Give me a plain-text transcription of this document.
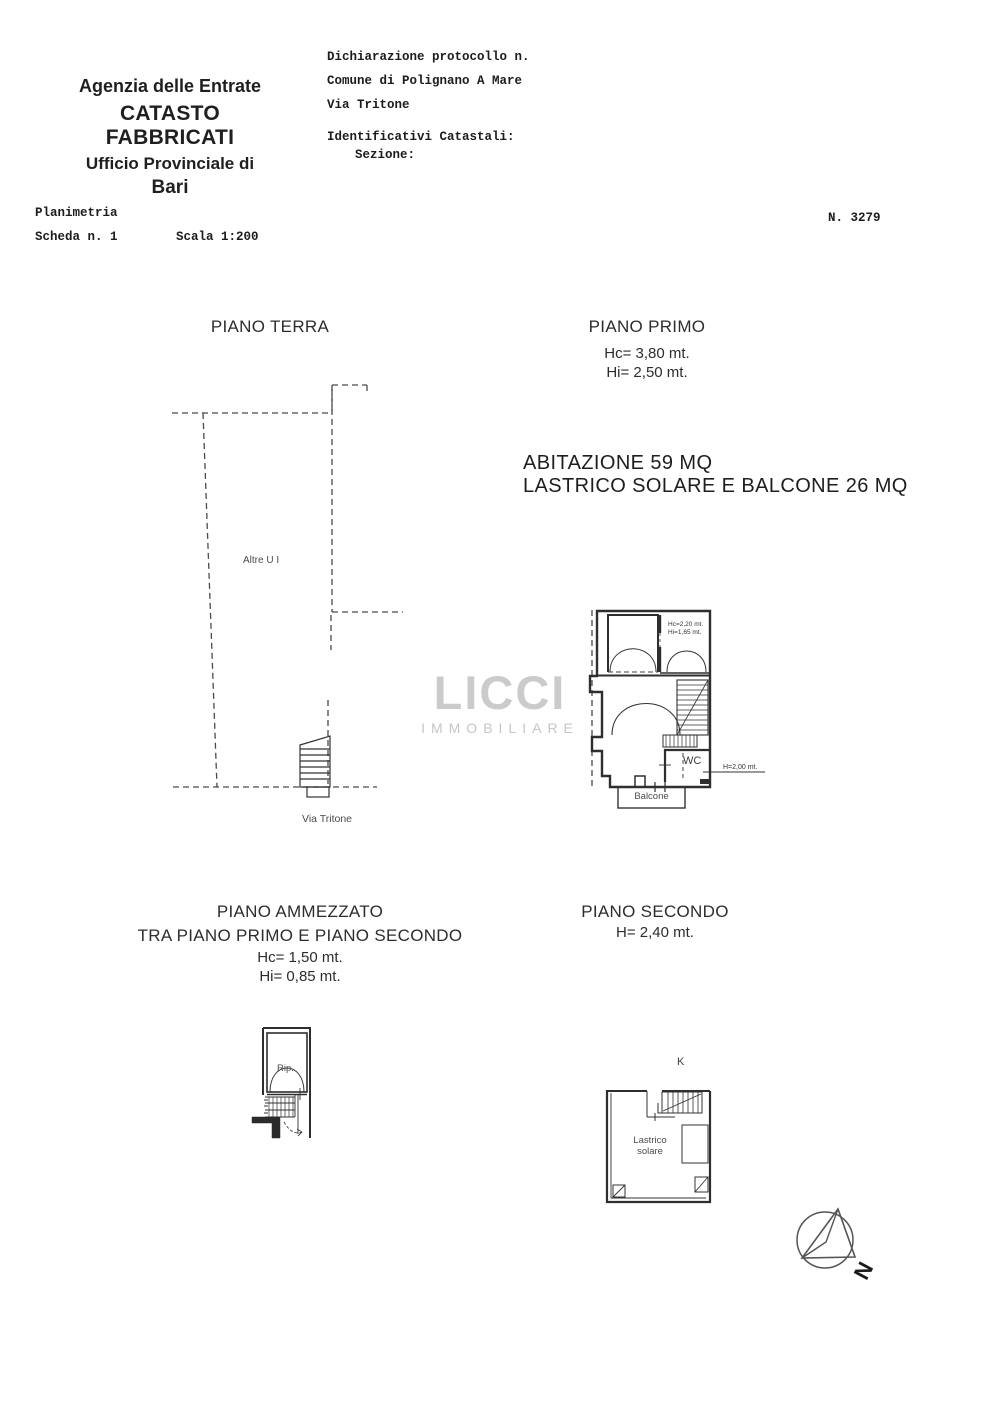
Agenzia delle Entrate
CATASTO FABBRICATI
Ufficio Provinciale di
Bari
Dichiarazione protocollo n.
Comune di Polignano A Mare
Via Tritone
Identificativi Catastali:
Sezione:
Planimetria
Scheda n. 1	Scala 1:200
N. 3279
PIANO TERRA	PIANO PRIMO
Hc= 3,80 mt.
Hi= 2,50 mt.
ABITAZIONE 59 MQ
LASTRICO SOLARE E BALCONE 26 MQ
LICCI
IMMOBILIARE
Altre U I
Via Tritone
Hc=2,20 mt.
Hi=1,65 mt.
WC
H=2,00 mt.
Balcone
PIANO AMMEZZATO
TRA PIANO PRIMO E PIANO SECONDO
Hc= 1,50 mt.
Hi= 0,85 mt.
PIANO SECONDO
H= 2,40 mt.
Rip.
K
Lastrico
solare
N
